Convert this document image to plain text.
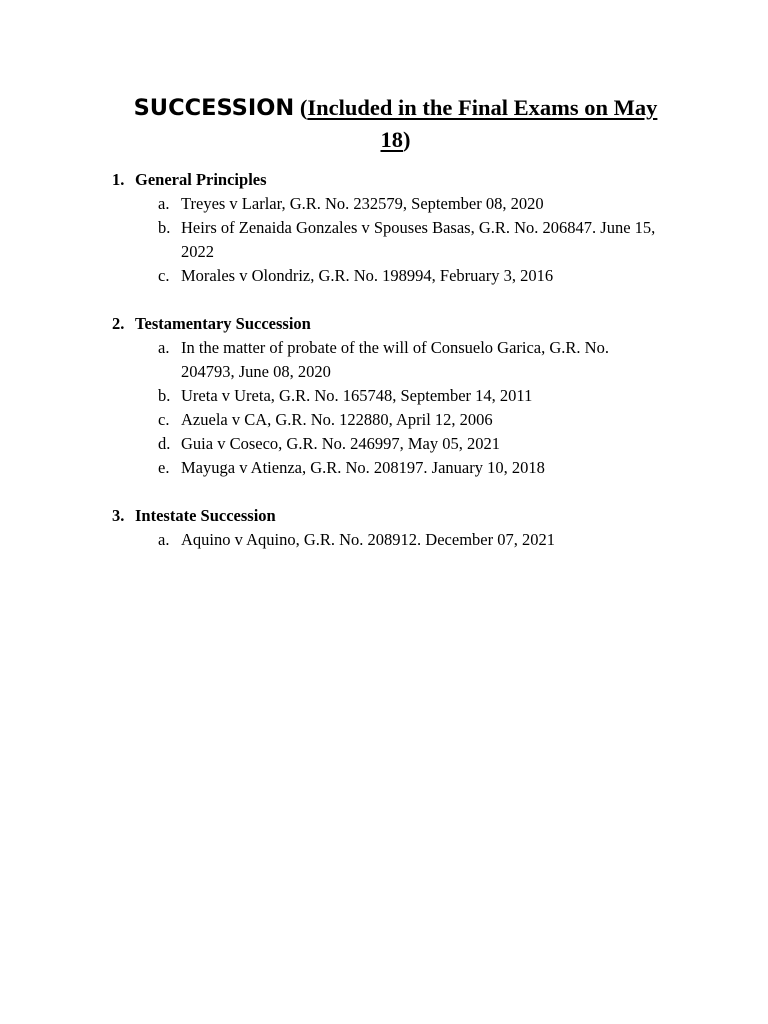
SUCCESSION (Included in the Final Exams on May 18)
1. General Principles
a. Treyes v Larlar, G.R. No. 232579, September 08, 2020
b. Heirs of Zenaida Gonzales v Spouses Basas, G.R. No. 206847. June 15, 2022
c. Morales v Olondriz, G.R. No. 198994, February 3, 2016
2. Testamentary Succession
a. In the matter of probate of the will of Consuelo Garica, G.R. No. 204793, June 08, 2020
b. Ureta v Ureta, G.R. No. 165748, September 14, 2011
c. Azuela v CA, G.R. No. 122880, April 12, 2006
d. Guia v Coseco, G.R. No. 246997, May 05, 2021
e. Mayuga v Atienza, G.R. No. 208197. January 10, 2018
3. Intestate Succession
a. Aquino v Aquino, G.R. No. 208912. December 07, 2021
